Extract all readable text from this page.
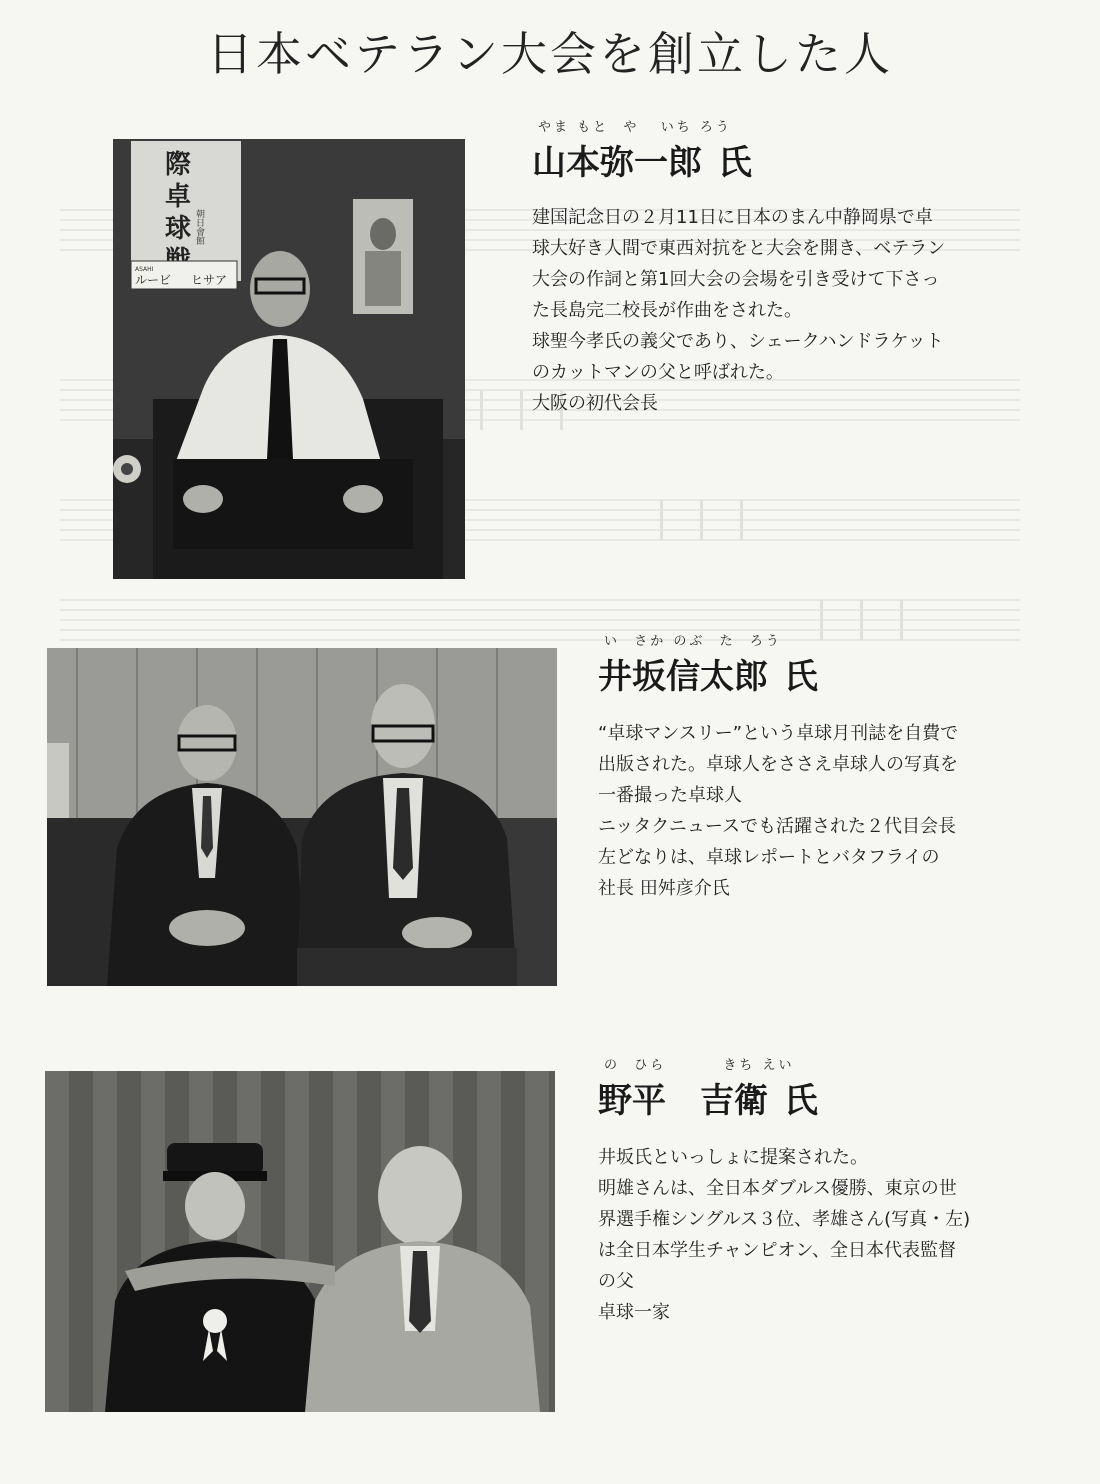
日本ベテラン大会を創立した人
際
卓
球 朝日會館
ASAHI
ルービ ヒサア
やま もと  や   いち ろう
山本弥一郎 氏

建国記念日の２月11日に日本のまん中静岡県で卓

球大好き人間で東西対抗をと大会を開き、ベテラン

大会の作詞と第1回大会の会場を引き受けて下さっ

た長島完二校長が作曲をされた。

球聖今孝氏の義父であり、シェークハンドラケット

のカットマンの父と呼ばれた。

大阪の初代会長

い  さか のぶ  た  ろう
井坂信太郎 氏

“卓球マンスリー”という卓球月刊誌を自費で

出版された。卓球人をささえ卓球人の写真を

一番撮った卓球人

ニッタクニュースでも活躍された２代目会長

左どなりは、卓球レポートとバタフライの

社長 田舛彦介氏

の  ひら        きち えい
野平　吉衛 氏

井坂氏といっしょに提案された。

明雄さんは、全日本ダブルス優勝、東京の世

界選手権シングルス３位、孝雄さん(写真・左)

は全日本学生チャンピオン、全日本代表監督

の父

卓球一家
